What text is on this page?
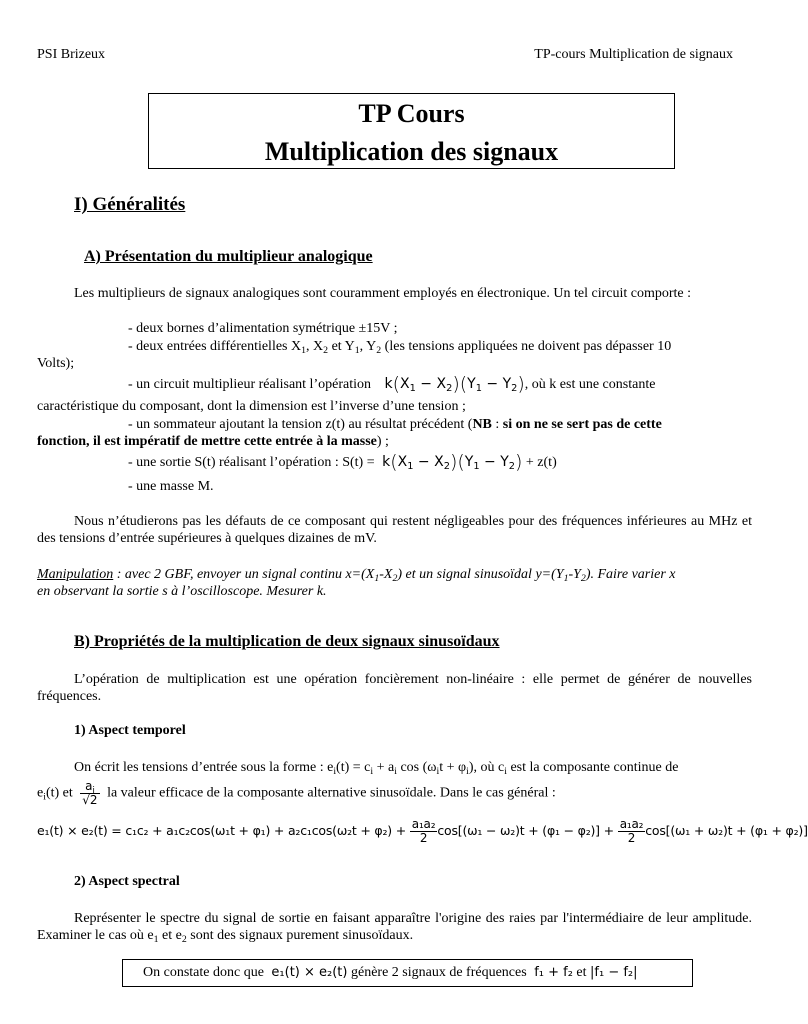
PSI Brizeux	TP-cours Multiplication de signaux
TP Cours
Multiplication des signaux
I) Généralités
A) Présentation du multiplieur analogique
Les multiplieurs de signaux analogiques sont couramment employés en électronique. Un tel circuit comporte :
- deux bornes d’alimentation symétrique ±15V ;
- deux entrées différentielles $X_1$, $X_2$ et $Y_1$, $Y_2$ (les tensions appliquées ne doivent pas dépasser 10
Volts);
- un circuit multiplieur réalisant l’opération $k(X_1 - X_2)(Y_1 - Y_2)$, où k est une constante
caractéristique du composant, dont la dimension est l’inverse d’une tension ;
- un sommateur ajoutant la tension z(t) au résultat précédent (NB : si on ne se sert pas de cette
fonction, il est impératif de mettre cette entrée à la masse) ;
- une sortie S(t) réalisant l’opération : $S(t) = k(X_1 - X_2)(Y_1 - Y_2) + z(t)$
- une masse M.
Nous n’étudierons pas les défauts de ce composant qui restent négligeables pour des fréquences inférieures au MHz et des tensions d’entrée supérieures à quelques dizaines de mV.
Manipulation : avec 2 GBF, envoyer un signal continu $x=(X_1-X_2)$ et un signal sinusoïdal $y=(Y_1-Y_2)$. Faire varier x
en observant la sortie s à l’oscilloscope. Mesurer k.
B) Propriétés de la multiplication de deux signaux sinusoïdaux
L’opération de multiplication est une opération foncièrement non-linéaire : elle permet de générer de nouvelles fréquences.
1) Aspect temporel
On écrit les tensions d’entrée sous la forme : $e_i(t) = c_i + a_i$ $\cos (\omega_it + \varphi_i)$, où $c_i$ est la composante continue de
$e_i(t)$ et $\frac{a_i}{√2}$ la valeur efficace de la composante alternative sinusoïdale. Dans le cas général :
$e_1(t) \times e_2(t) = c_1c_2 + a_1c_2\cos(\omega_1t + \varphi_1) + a_2c_1\cos(\omega_2t + \varphi_2) + \frac{\text{a₁a₂}}{2} \cos[(\omega_1 - \omega_2)t + (\varphi_1 - \varphi_2)] + \frac{\text{a₁a₂}}{2} \cos[(\omega_1 + \omega_2)t + (\varphi_1 + \varphi_2)]$
2) Aspect spectral
Représenter le spectre du signal de sortie en faisant apparaître l'origine des raies par l'intermédiaire de leur amplitude. Examiner le cas où $e_1$ et $e_2$ sont des signaux purement sinusoïdaux.
On constate donc que e₁(t) × e₂(t) génère 2 signaux de fréquences f₁ + f₂ et |f₁ − f₂|
